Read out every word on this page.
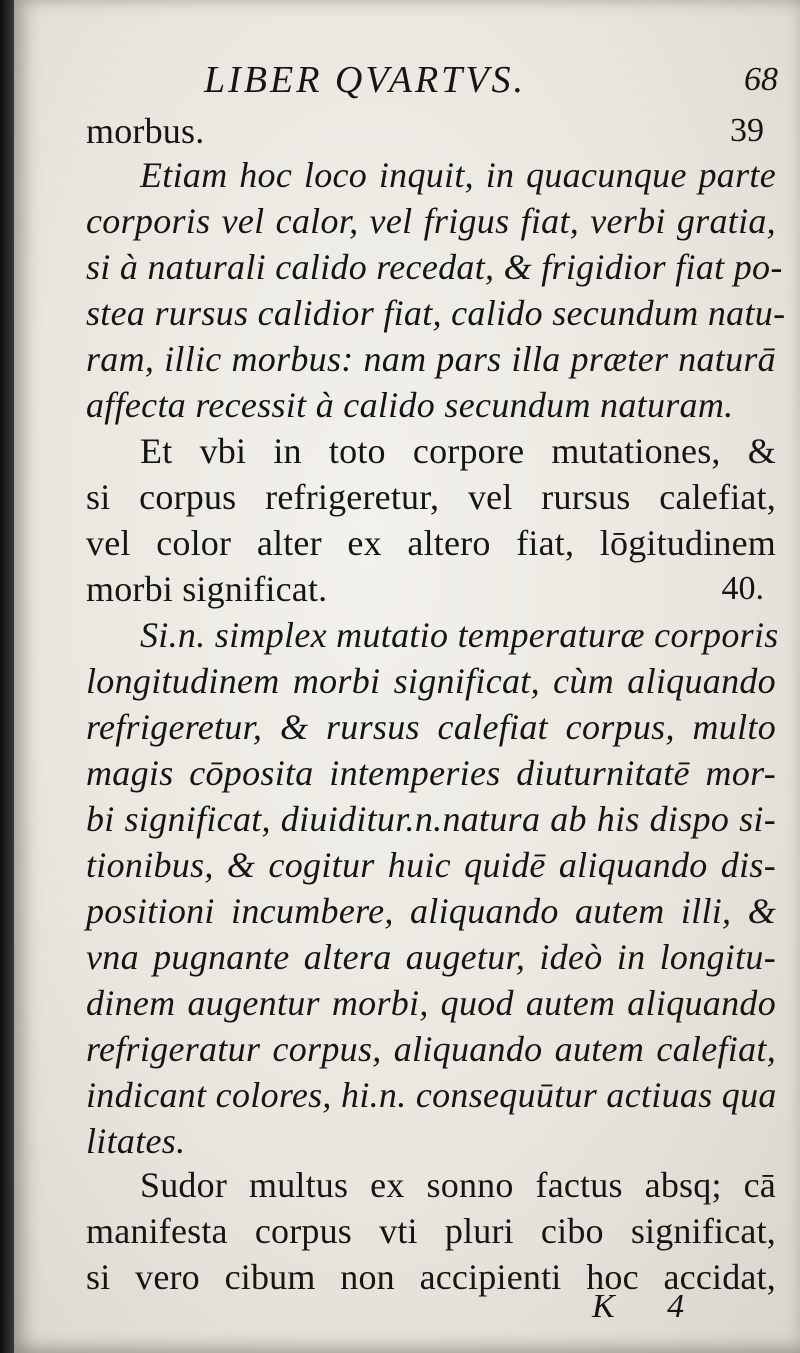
LIBER QVARTVS.	68
morbus.	39
Etiam hoc loco inquit, in quacunque parte
corporis vel calor, vel frigus fiat, verbi gratia,
si à naturali calido recedat, & frigidior fiat po-
stea rursus calidior fiat, calido secundum natu-
ram, illic morbus: nam pars illa præter naturā
affecta recessit à calido secundum naturam.
Et vbi in toto corpore mutationes, &
si corpus refrigeretur, vel rursus calefiat,
vel color alter ex altero fiat, lōgitudinem
morbi significat.	40.
Si.n. simplex mutatio temperaturæ corporis
longitudinem morbi significat, cùm aliquando
refrigeretur, & rursus calefiat corpus, multo
magis cōposita intemperies diuturnitatē mor-
bi significat, diuiditur.n.natura ab his dispo si-
tionibus, & cogitur huic quidē aliquando dis-
positioni incumbere, aliquando autem illi, &
vna pugnante altera augetur, ideò in longitu-
dinem augentur morbi, quod autem aliquando
refrigeratur corpus, aliquando autem calefiat,
indicant colores, hi.n. consequūtur actiuas qua
litates.
Sudor multus ex sonno factus absq; cā
manifesta corpus vti pluri cibo significat,
si vero cibum non accipienti hoc accidat,
K 4
